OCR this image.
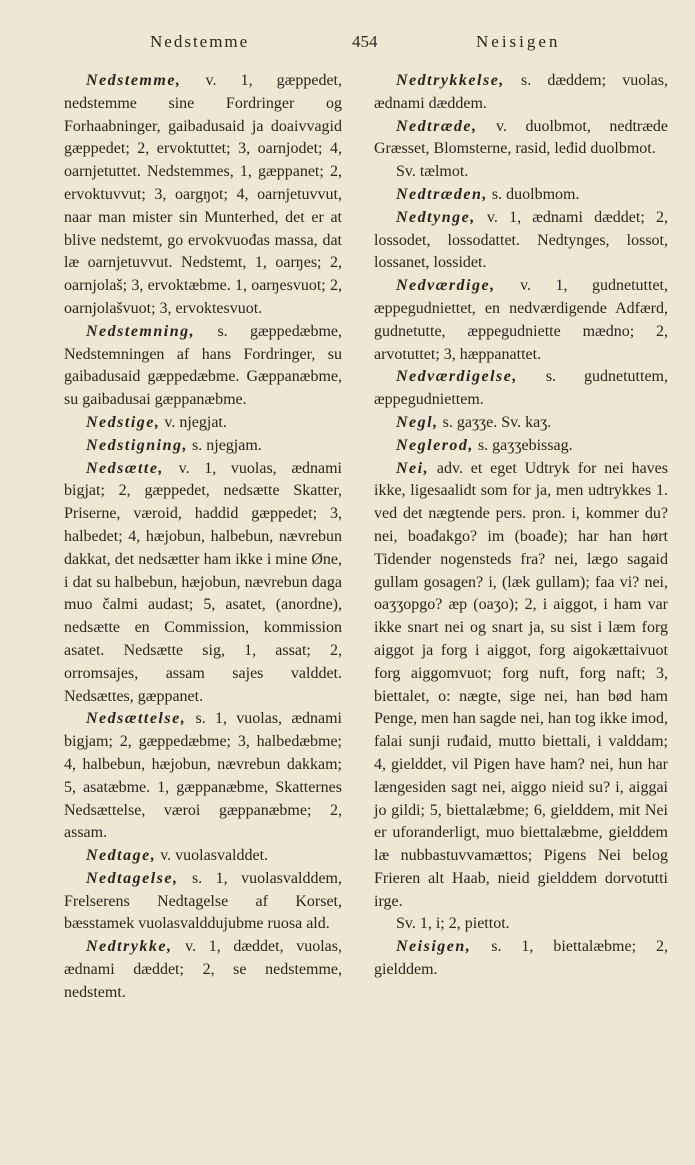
Nedstemme	454	Neisigen

Nedstemme, v. 1, gæppedet, nedstemme sine Fordringer og Forhaabninger, gaibadusaid ja doaivvagid gæppedet; 2, ervoktuttet; 3, oarnjodet; 4, oarnjetuttet. Nedstemmes, 1, gæppanet; 2, ervoktuvvut; 3, oargŋot; 4, oarnjetuvvut, naar man mister sin Munterhed, det er at blive nedstemt, go ervokvuođas massa, dat læ oarnjetuvvut. Nedstemt, 1, oarŋes; 2, oarnjolaš; 3, ervoktæbme. 1, oarŋesvuot; 2, oarnjolašvuot; 3, ervoktesvuot.

Nedstemning, s. gæppedæbme, Nedstemningen af hans Fordringer, su gaibadusaid gæppedæbme. Gæppanæbme, su gaibadusai gæppanæbme.

Nedstige, v. njegjat.

Nedstigning, s. njegjam.

Nedsætte, v. 1, vuolas, ædnami bigjat; 2, gæppedet, nedsætte Skatter, Priserne, væroid, haddid gæppedet; 3, halbedet; 4, hæjobun, halbebun, nævrebun dakkat, det nedsætter ham ikke i mine Øne, i dat su halbebun, hæjobun, nævrebun daga muo čalmi audast; 5, asatet, (anordne), nedsætte en Commission, kommission asatet. Nedsætte sig, 1, assat; 2, orromsajes, assam sajes valddet. Nedsættes, gæppanet.

Nedsættelse, s. 1, vuolas, ædnami bigjam; 2, gæppedæbme; 3, halbedæbme; 4, halbebun, hæjobun, nævrebun dakkam; 5, asatæbme. 1, gæppanæbme, Skatternes Nedsættelse, væroi gæppanæbme; 2, assam.

Nedtage, v. vuolasvalddet.

Nedtagelse, s. 1, vuolasvalddem, Frelserens Nedtagelse af Korset, bæsstamek vuolasvalddujubme ruosa ald.

Nedtrykke, v. 1, dæddet, vuolas, ædnami dæddet; 2, se nedstemme, nedstemt.

Nedtrykkelse, s. dæddem; vuolas, ædnami dæddem.

Nedtræde, v. duolbmot, nedtræde Græsset, Blomsterne, rasid, leđid duolbmot.

Sv. tælmot.

Nedtræden, s. duolbmom.

Nedtynge, v. 1, ædnami dæddet; 2, lossodet, lossodattet. Nedtynges, lossot, lossanet, lossidet.

Nedværdige, v. 1, gudnetuttet, æppegudniettet, en nedværdigende Adfærd, gudnetutte, æppegudniette mædno; 2, arvotuttet; 3, hæppanattet.

Nedværdigelse, s. gudnetuttem, æppegudniettem.

Negl, s. gaʒʒe. Sv. kaʒ.

Neglerod, s. gaʒʒebissag.

Nei, adv. et eget Udtryk for nei haves ikke, ligesaalidt som for ja, men udtrykkes 1. ved det nægtende pers. pron. i, kommer du? nei, boađakgo? im (boađe); har han hørt Tidender nogensteds fra? nei, lægo sagaid gullam gosagen? i, (læk gullam); faa vi? nei, oaʒʒopgo? æp (oaʒo); 2, i aiggot, i ham var ikke snart nei og snart ja, su sist i læm forg aiggot ja forg i aiggot, forg aigokættaivuot forg aiggomvuot; forg nuft, forg naft; 3, biettalet, o: nægte, sige nei, han bød ham Penge, men han sagde nei, han tog ikke imod, falai sunji ruđaid, mutto biettali, i valddam; 4, gielddet, vil Pigen have ham? nei, hun har længesiden sagt nei, aiggo nieid su? i, aiggai jo gildi; 5, biettalæbme; 6, gielddem, mit Nei er uforanderligt, muo biettalæbme, gielddem læ nubbastuvvamættos; Pigens Nei belog Frieren alt Haab, nieid gielddem dorvotutti irge.

Sv. 1, i; 2, piettot.

Neisigen, s. 1, biettalæbme; 2, gielddem.
